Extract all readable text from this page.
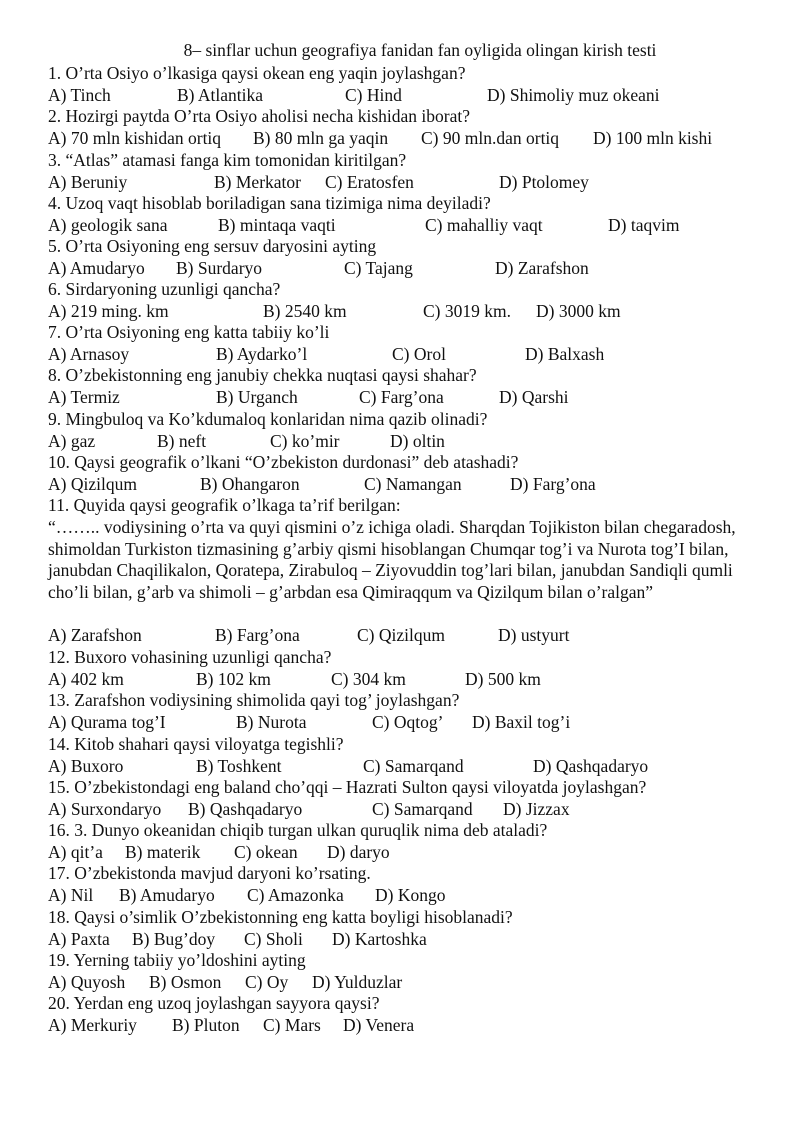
8– sinflar uchun geografiya fanidan fan oyligida olingan kirish testi
1. O’rta Osiyo o’lkasiga qaysi okean eng yaqin joylashgan?
A) Tinch	B) Atlantika	C) Hind	D) Shimoliy muz okeani
2. Hozirgi paytda O’rta Osiyo aholisi necha kishidan iborat?
A) 70 mln kishidan ortiq B) 80 mln ga yaqin C) 90 mln.dan ortiq D) 100 mln kishi
3. “Atlas” atamasi fanga kim tomonidan kiritilgan?
A) Beruniy	B) Merkator C) Eratosfen	D) Ptolomey
4. Uzoq vaqt hisoblab boriladigan sana tizimiga nima deyiladi?
A) geologik sana	B) mintaqa vaqti	C) mahalliy vaqt	D) taqvim
5. O’rta Osiyoning eng sersuv daryosini ayting
A) Amudaryo B) Surdaryo	C) Tajang	D) Zarafshon
6. Sirdaryoning uzunligi qancha?
A) 219 ming. km	B) 2540 km	C) 3019 km. D) 3000 km
7. O’rta Osiyoning eng katta tabiiy ko’li
A) Arnasoy	B) Aydarko’l	C) Orol	D) Balxash
8. O’zbekistonning eng janubiy chekka nuqtasi qaysi shahar?
A) Termiz	B) Urganch	C) Farg’ona	D) Qarshi
9. Mingbuloq va Ko’kdumaloq konlaridan nima qazib olinadi?
A) gaz	B) neft	C) ko’mir	D) oltin
10. Qaysi geografik o’lkani “O’zbekiston durdonasi” deb atashadi?
A) Qizilqum	B) Ohangaron	C) Namangan	D) Farg’ona
11. Quyida qaysi geografik o’lkaga ta’rif berilgan:
“…….. vodiysining o’rta va quyi qismini o’z ichiga oladi. Sharqdan Tojikiston bilan chegaradosh, shimoldan Turkiston tizmasining g’arbiy qismi hisoblangan Chumqar tog’i va Nurota tog’I bilan, janubdan Chaqilikalon, Qoratepa, Zirabuloq – Ziyovuddin tog’lari bilan, janubdan Sandiqli qumli cho’li bilan, g’arb va shimoli – g’arbdan esa Qimiraqqum va Qizilqum bilan o’ralgan”
A) Zarafshon	B) Farg’ona	C) Qizilqum	D) ustyurt
12. Buxoro vohasining uzunligi qancha?
A) 402 km	B) 102 km	C) 304 km	D) 500 km
13. Zarafshon vodiysining shimolida qayi tog’ joylashgan?
A) Qurama tog’I	B) Nurota	C) Oqtog’ D) Baxil tog’i
14. Kitob shahari qaysi viloyatga tegishli?
A) Buxoro	B) Toshkent	C) Samarqand	D) Qashqadaryo
15. O’zbekistondagi eng baland cho’qqi – Hazrati Sulton qaysi viloyatda joylashgan?
A) Surxondaryo B) Qashqadaryo	C) Samarqand D) Jizzax
16. 3. Dunyo okeanidan chiqib turgan ulkan quruqlik nima deb ataladi?
A) qit’a B) materik C) okean D) daryo
17. O’zbekistonda mavjud daryoni ko’rsating.
A) Nil B) Amudaryo C) Amazonka D) Kongo
18. Qaysi o’simlik O’zbekistonning eng katta boyligi hisoblanadi?
A) Paxta B) Bug’doy C) Sholi D) Kartoshka
19. Yerning tabiiy yo’ldoshini ayting
A) Quyosh B) Osmon C) Oy D) Yulduzlar
20. Yerdan eng uzoq joylashgan sayyora qaysi?
A) Merkuriy B) Pluton C) Mars D) Venera
